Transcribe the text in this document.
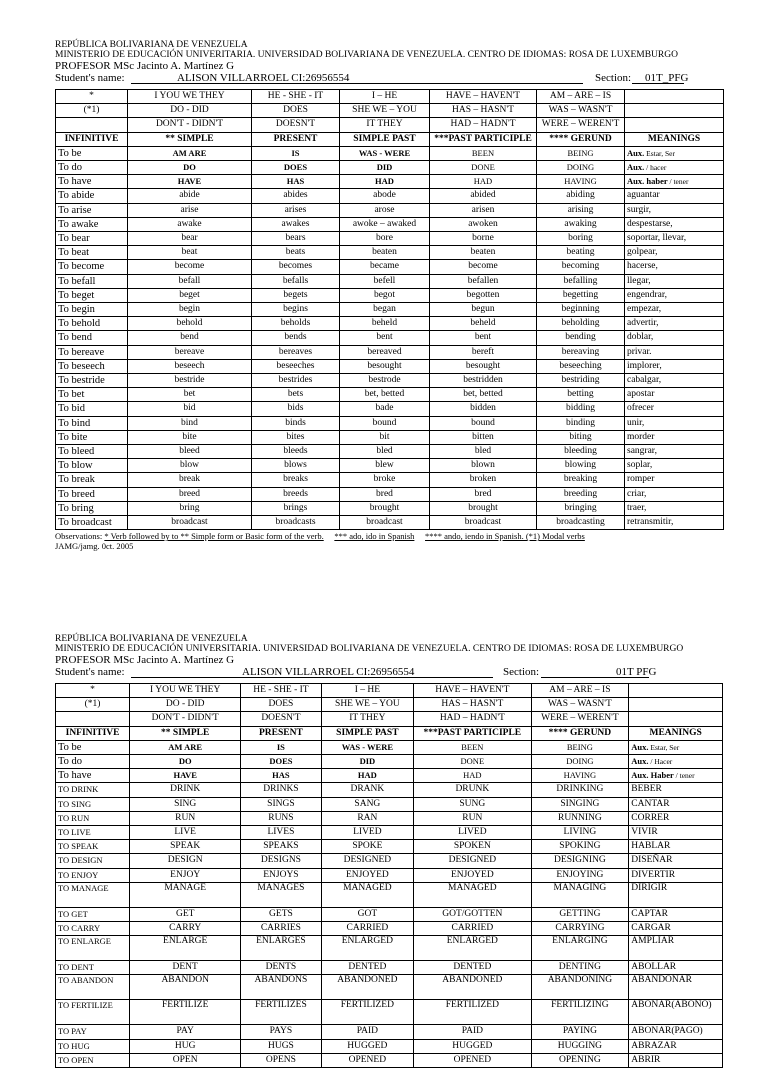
REPÚBLICA BOLIVARIANA DE VENEZUELA
MINISTERIO DE EDUCACIÓN UNIVERITARIA. UNIVERSIDAD BOLIVARIANA DE VENEZUELA. CENTRO DE IDIOMAS: ROSA DE LUXEMBURGO
PROFESOR MSc Jacinto A. Martínez G
Student's name:	ALISON VILLARROEL CI:26956554	Section: 01T_PFG
*	I YOU WE THEY	HE - SHE - IT	I – HE	HAVE – HAVEN'T	AM – ARE – IS	
(*1)	DO - DID	DOES	SHE WE – YOU	HAS – HASN'T	WAS – WASN'T	
	DON'T - DIDN'T	DOESN'T	IT THEY	HAD – HADN'T	WERE – WEREN'T	
INFINITIVE	** SIMPLE	PRESENT	SIMPLE PAST	***PAST PARTICIPLE	**** GERUND	MEANINGS
To be	AM ARE	IS	WAS - WERE	BEEN	BEING	Aux. Estar, Ser
To do	DO	DOES	DID	DONE	DOING	Aux. / hacer
To have	HAVE	HAS	HAD	HAD	HAVING	Aux. haber / tener
To abide	abide	abides	abode	abided	abiding	aguantar
To arise	arise	arises	arose	arisen	arising	surgir,
To awake	awake	awakes	awoke – awaked	awoken	awaking	despestarse,
To bear	bear	bears	bore	borne	boring	soportar, llevar,
To beat	beat	beats	beaten	beaten	beating	golpear,
To become	become	becomes	became	become	becoming	hacerse,
To befall	befall	befalls	befell	befallen	befalling	llegar,
To beget	beget	begets	begot	begotten	begetting	engendrar,
To begin	begin	begins	began	begun	beginning	empezar,
To behold	behold	beholds	beheld	beheld	beholding	advertir,
To bend	bend	bends	bent	bent	bending	doblar,
To bereave	bereave	bereaves	bereaved	bereft	bereaving	privar.
To beseech	beseech	beseeches	besought	besought	beseeching	implorer,
To bestride	bestride	bestrides	bestrode	bestridden	bestriding	cabalgar,
To bet	bet	bets	bet, betted	bet, betted	betting	apostar
To bid	bid	bids	bade	bidden	bidding	ofrecer
To bind	bind	binds	bound	bound	binding	unir,
To bite	bite	bites	bit	bitten	biting	morder
To bleed	bleed	bleeds	bled	bled	bleeding	sangrar,
To blow	blow	blows	blew	blown	blowing	soplar,
To break	break	breaks	broke	broken	breaking	romper
To breed	breed	breeds	bred	bred	breeding	criar,
To bring	bring	brings	brought	brought	bringing	traer,
To broadcast	broadcast	broadcasts	broadcast	broadcast	broadcasting	retransmitir,
Observations: * Verb followed by to ** Simple form or Basic form of the verb. *** ado, ido in Spanish **** ando, iendo in Spanish. (*1) Modal verbs
JAMG/jamg. 0ct. 2005
REPÚBLICA BOLIVARIANA DE VENEZUELA
MINISTERIO DE EDUCACIÓN UNIVERSITARIA. UNIVERSIDAD BOLIVARIANA DE VENEZUELA. CENTRO DE IDIOMAS: ROSA DE LUXEMBURGO
PROFESOR MSc Jacinto A. Martínez G
Student's name:	ALISON VILLARROEL CI:26956554	Section:	01T PFG
*	I YOU WE THEY	HE - SHE - IT	I – HE	HAVE – HAVEN'T	AM – ARE – IS	
(*1)	DO - DID	DOES	SHE WE – YOU	HAS – HASN'T	WAS – WASN'T	
	DON'T - DIDN'T	DOESN'T	IT THEY	HAD – HADN'T	WERE – WEREN'T	
INFINITIVE	** SIMPLE	PRESENT	SIMPLE PAST	***PAST PARTICIPLE	**** GERUND	MEANINGS
To be	AM ARE	IS	WAS - WERE	BEEN	BEING	Aux. Estar, Ser
To do	DO	DOES	DID	DONE	DOING	Aux. / Hacer
To have	HAVE	HAS	HAD	HAD	HAVING	Aux. Haber / tener
TO DRINK	DRINK	DRINKS	DRANK	DRUNK	DRINKING	BEBER
TO SING	SING	SINGS	SANG	SUNG	SINGING	CANTAR
TO RUN	RUN	RUNS	RAN	RUN	RUNNING	CORRER
TO LIVE	LIVE	LIVES	LIVED	LIVED	LIVING	VIVIR
TO SPEAK	SPEAK	SPEAKS	SPOKE	SPOKEN	SPOKING	HABLAR
TO DESIGN	DESIGN	DESIGNS	DESIGNED	DESIGNED	DESIGNING	DISEÑAR
TO ENJOY	ENJOY	ENJOYS	ENJOYED	ENJOYED	ENJOYING	DIVERTIR
TO MANAGE	MANAGE	MANAGES	MANAGED	MANAGED	MANAGING	DIRIGIR
TO GET	GET	GETS	GOT	GOT/GOTTEN	GETTING	CAPTAR
TO CARRY	CARRY	CARRIES	CARRIED	CARRIED	CARRYING	CARGAR
TO ENLARGE	ENLARGE	ENLARGES	ENLARGED	ENLARGED	ENLARGING	AMPLIAR
TO DENT	DENT	DENTS	DENTED	DENTED	DENTING	ABOLLAR
TO ABANDON	ABANDON	ABANDONS	ABANDONED	ABANDONED	ABANDONING	ABANDONAR
TO FERTILIZE	FERTILIZE	FERTILIZES	FERTILIZED	FERTILIZED	FERTILIZING	ABONAR(ABONO)
TO PAY	PAY	PAYS	PAID	PAID	PAYING	ABONAR(PAGO)
TO HUG	HUG	HUGS	HUGGED	HUGGED	HUGGING	ABRAZAR
TO OPEN	OPEN	OPENS	OPENED	OPENED	OPENING	ABRIR
